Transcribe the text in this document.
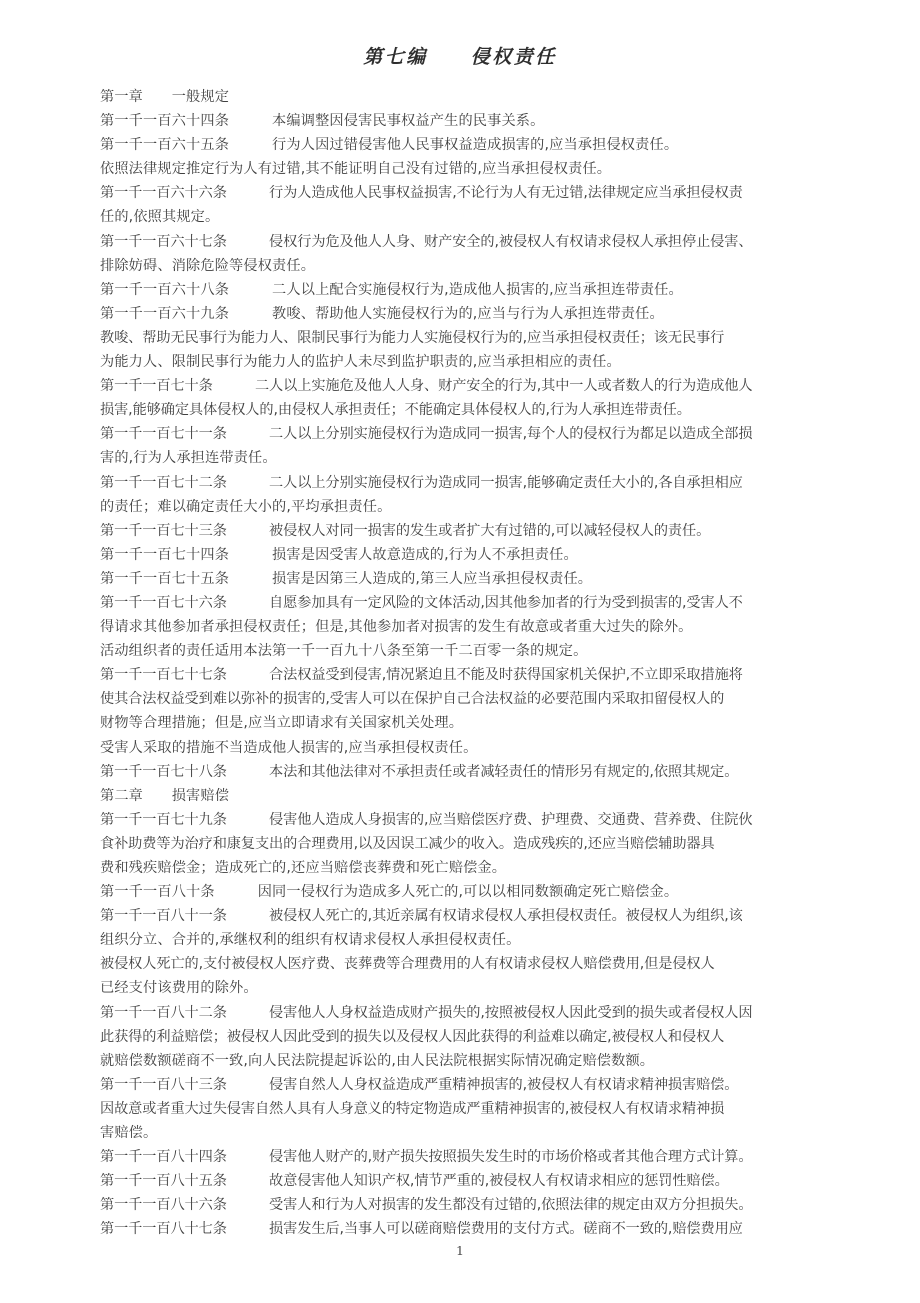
第七编　　侵权责任
第一章　　一般规定
第一千一百六十四条　　　本编调整因侵害民事权益产生的民事关系。
第一千一百六十五条　　　行为人因过错侵害他人民事权益造成损害的,应当承担侵权责任。
依照法律规定推定行为人有过错,其不能证明自己没有过错的,应当承担侵权责任。
第一千一百六十六条　　　行为人造成他人民事权益损害,不论行为人有无过错,法律规定应当承担侵权责
任的,依照其规定。
第一千一百六十七条　　　侵权行为危及他人人身、财产安全的,被侵权人有权请求侵权人承担停止侵害、
排除妨碍、消除危险等侵权责任。
第一千一百六十八条　　　二人以上配合实施侵权行为,造成他人损害的,应当承担连带责任。
第一千一百六十九条　　　教唆、帮助他人实施侵权行为的,应当与行为人承担连带责任。
教唆、帮助无民事行为能力人、限制民事行为能力人实施侵权行为的,应当承担侵权责任；该无民事行
为能力人、限制民事行为能力人的监护人未尽到监护职责的,应当承担相应的责任。
第一千一百七十条　　　二人以上实施危及他人人身、财产安全的行为,其中一人或者数人的行为造成他人
损害,能够确定具体侵权人的,由侵权人承担责任；不能确定具体侵权人的,行为人承担连带责任。
第一千一百七十一条　　　二人以上分别实施侵权行为造成同一损害,每个人的侵权行为都足以造成全部损
害的,行为人承担连带责任。
第一千一百七十二条　　　二人以上分别实施侵权行为造成同一损害,能够确定责任大小的,各自承担相应
的责任；难以确定责任大小的,平均承担责任。
第一千一百七十三条　　　被侵权人对同一损害的发生或者扩大有过错的,可以减轻侵权人的责任。
第一千一百七十四条　　　损害是因受害人故意造成的,行为人不承担责任。
第一千一百七十五条　　　损害是因第三人造成的,第三人应当承担侵权责任。
第一千一百七十六条　　　自愿参加具有一定风险的文体活动,因其他参加者的行为受到损害的,受害人不
得请求其他参加者承担侵权责任；但是,其他参加者对损害的发生有故意或者重大过失的除外。
活动组织者的责任适用本法第一千一百九十八条至第一千二百零一条的规定。
第一千一百七十七条　　　合法权益受到侵害,情况紧迫且不能及时获得国家机关保护,不立即采取措施将
使其合法权益受到难以弥补的损害的,受害人可以在保护自己合法权益的必要范围内采取扣留侵权人的
财物等合理措施；但是,应当立即请求有关国家机关处理。
受害人采取的措施不当造成他人损害的,应当承担侵权责任。
第一千一百七十八条　　　本法和其他法律对不承担责任或者减轻责任的情形另有规定的,依照其规定。
第二章　　损害赔偿
第一千一百七十九条　　　侵害他人造成人身损害的,应当赔偿医疗费、护理费、交通费、营养费、住院伙
食补助费等为治疗和康复支出的合理费用,以及因误工减少的收入。造成残疾的,还应当赔偿辅助器具
费和残疾赔偿金；造成死亡的,还应当赔偿丧葬费和死亡赔偿金。
第一千一百八十条　　　因同一侵权行为造成多人死亡的,可以以相同数额确定死亡赔偿金。
第一千一百八十一条　　　被侵权人死亡的,其近亲属有权请求侵权人承担侵权责任。被侵权人为组织,该
组织分立、合并的,承继权利的组织有权请求侵权人承担侵权责任。
被侵权人死亡的,支付被侵权人医疗费、丧葬费等合理费用的人有权请求侵权人赔偿费用,但是侵权人
已经支付该费用的除外。
第一千一百八十二条　　　侵害他人人身权益造成财产损失的,按照被侵权人因此受到的损失或者侵权人因
此获得的利益赔偿；被侵权人因此受到的损失以及侵权人因此获得的利益难以确定,被侵权人和侵权人
就赔偿数额磋商不一致,向人民法院提起诉讼的,由人民法院根据实际情况确定赔偿数额。
第一千一百八十三条　　　侵害自然人人身权益造成严重精神损害的,被侵权人有权请求精神损害赔偿。
因故意或者重大过失侵害自然人具有人身意义的特定物造成严重精神损害的,被侵权人有权请求精神损
害赔偿。
第一千一百八十四条　　　侵害他人财产的,财产损失按照损失发生时的市场价格或者其他合理方式计算。
第一千一百八十五条　　　故意侵害他人知识产权,情节严重的,被侵权人有权请求相应的惩罚性赔偿。
第一千一百八十六条　　　受害人和行为人对损害的发生都没有过错的,依照法律的规定由双方分担损失。
第一千一百八十七条　　　损害发生后,当事人可以磋商赔偿费用的支付方式。磋商不一致的,赔偿费用应
1
